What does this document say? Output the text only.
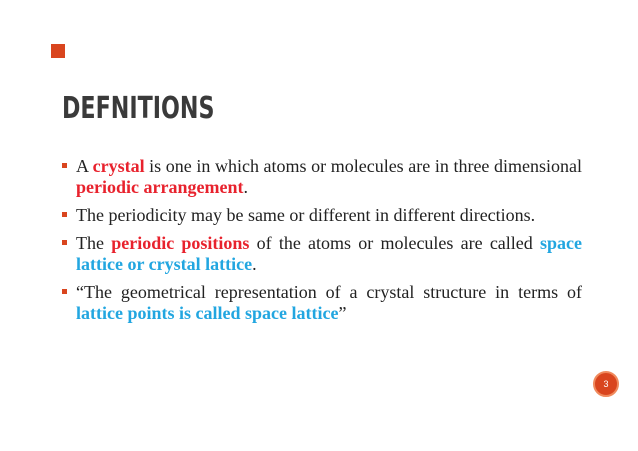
DEFNITIONS
A crystal is one in which atoms or molecules are in three dimensional periodic arrangement.
The periodicity may be same or different in different directions.
The periodic positions of the atoms or molecules are called space lattice or crystal lattice.
“The geometrical representation of a crystal structure in terms of lattice points is called space lattice”
3
